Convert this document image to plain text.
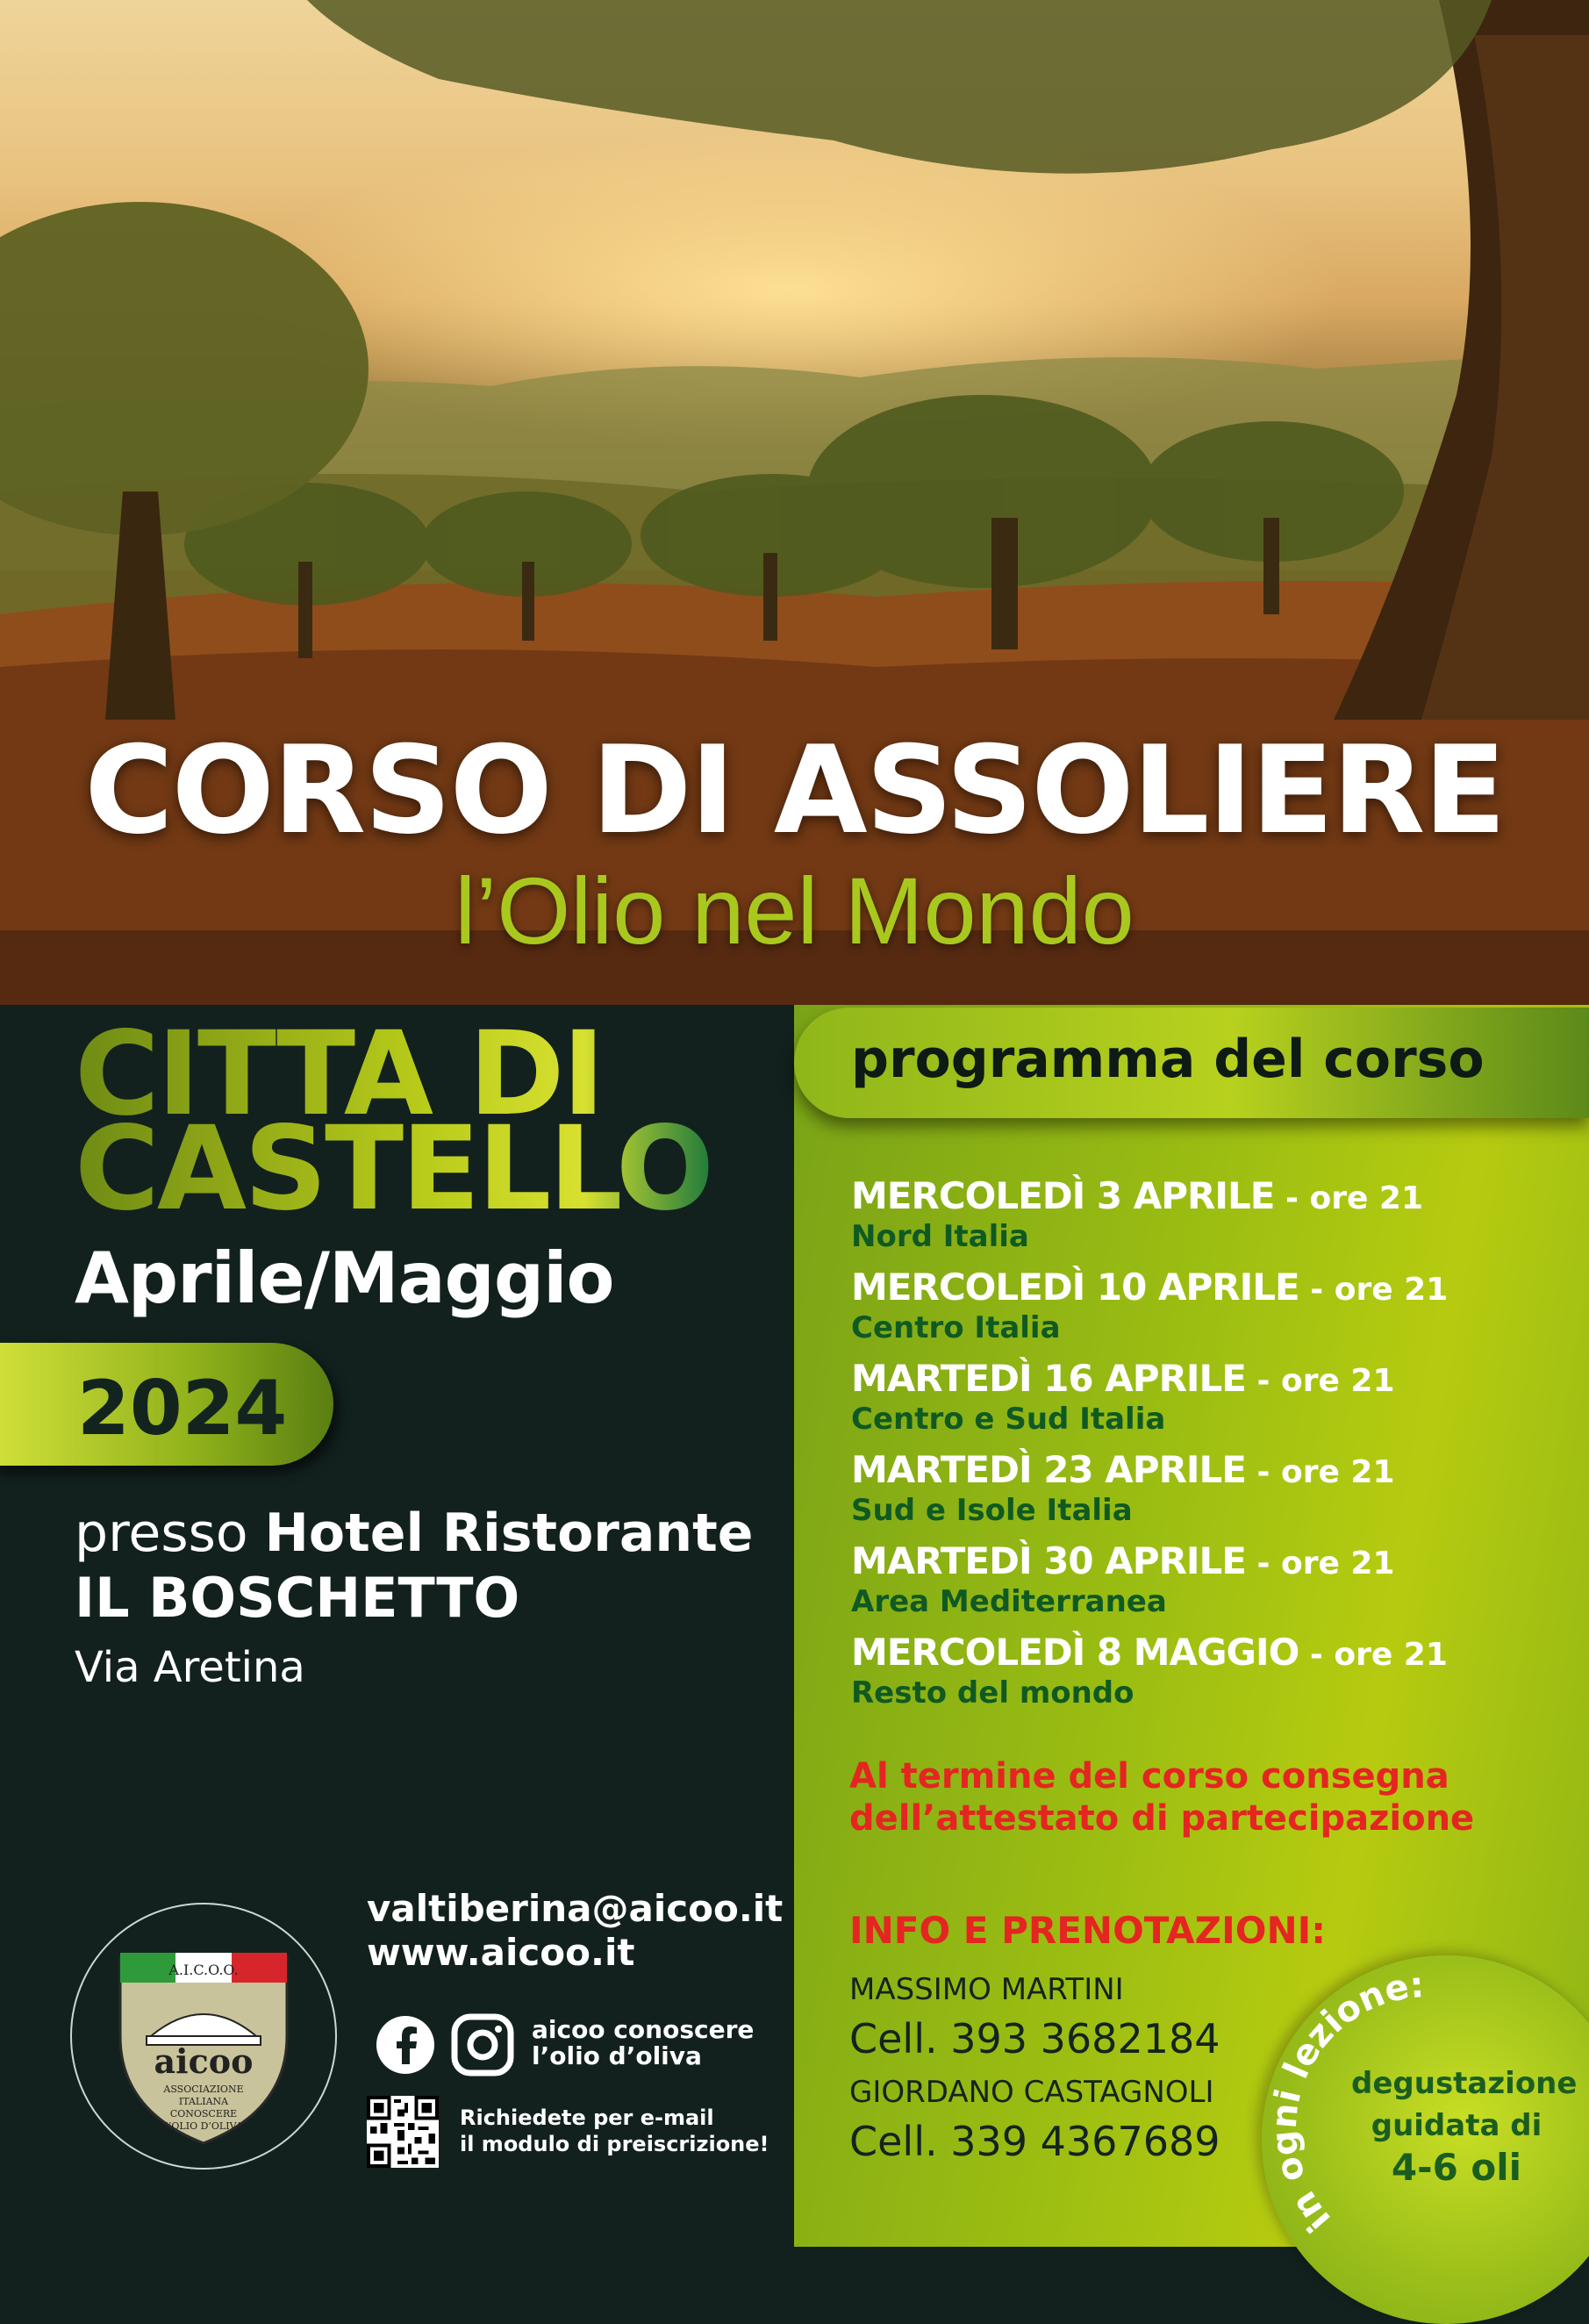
CORSO DI ASSOLIERE
l’Olio nel Mondo
CITTÀ DI
CASTELLO
Aprile/Maggio
2024
presso Hotel Ristorante
IL BOSCHETTO
Via Aretina
A.I.C.O.O.
aicoo
ASSOCIAZIONE
ITALIANA
CONOSCERE
L’OLIO D’OLIVA
valtiberina@aicoo.it
www.aicoo.it
aicoo conoscere
l’olio d’oliva
Richiedete per e-mail
il modulo di preiscrizione!
programma del corso
MERCOLEDÌ 3 APRILE - ore 21
Nord Italia
MERCOLEDÌ 10 APRILE - ore 21
Centro Italia
MARTEDÌ 16 APRILE - ore 21
Centro e Sud Italia
MARTEDÌ 23 APRILE - ore 21
Sud e Isole Italia
MARTEDÌ 30 APRILE - ore 21
Area Mediterranea
MERCOLEDÌ 8 MAGGIO - ore 21
Resto del mondo
Al termine del corso consegna
dell’attestato di partecipazione
INFO E PRENOTAZIONI:
MASSIMO MARTINI
Cell. 393 3682184
GIORDANO CASTAGNOLI
Cell. 339 4367689
in ogni lezione:
degustazione
guidata di
4-6 oli
